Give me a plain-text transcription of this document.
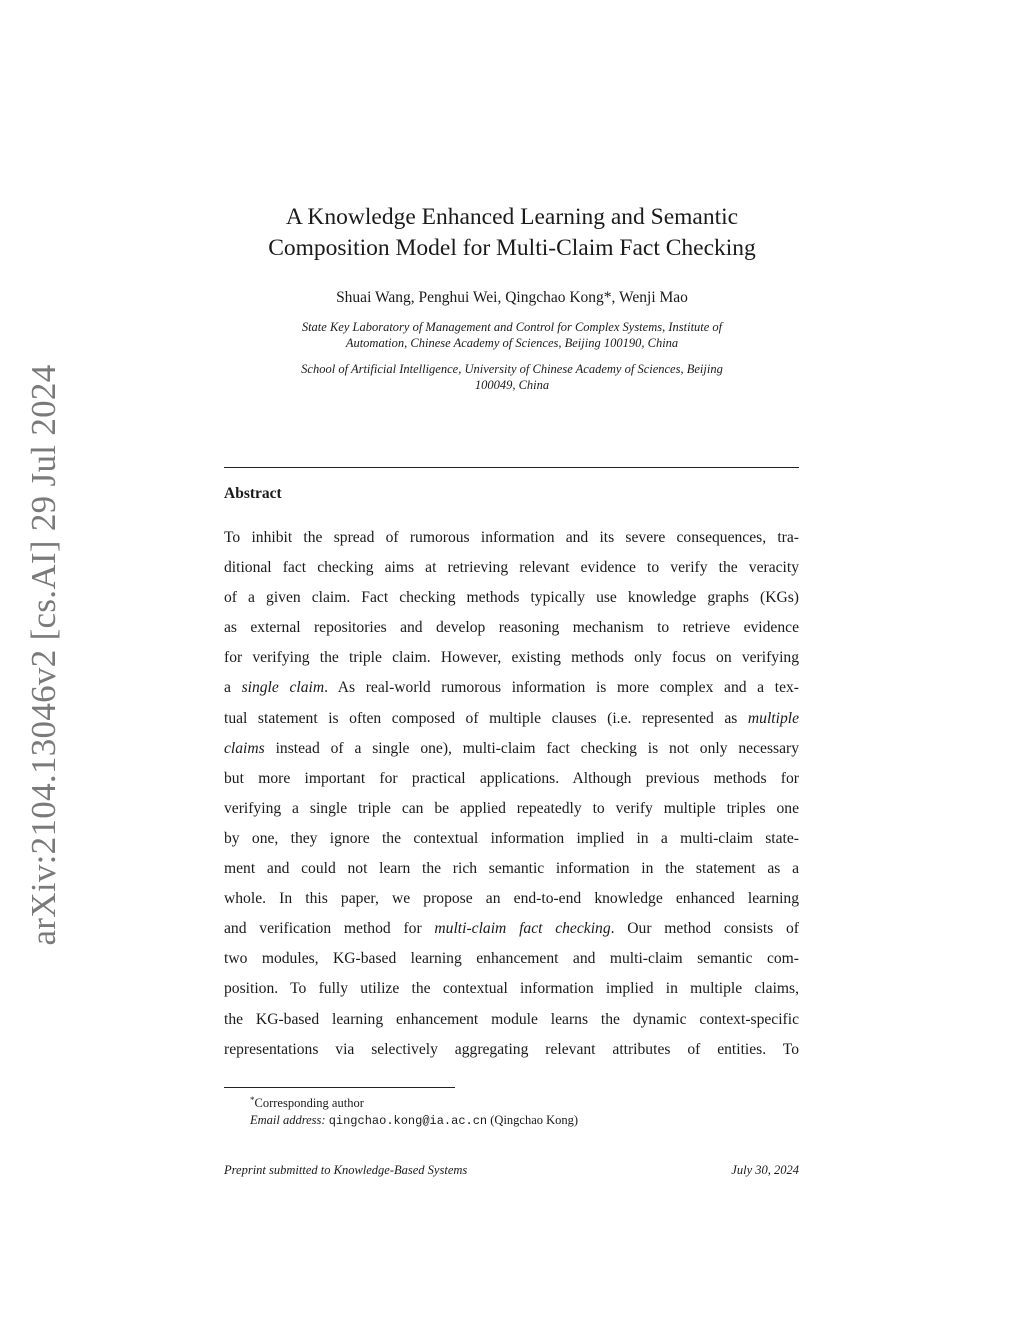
arXiv:2104.13046v2 [cs.AI] 29 Jul 2024
A Knowledge Enhanced Learning and Semantic
Composition Model for Multi-Claim Fact Checking
Shuai Wang, Penghui Wei, Qingchao Kong*, Wenji Mao
State Key Laboratory of Management and Control for Complex Systems, Institute of
Automation, Chinese Academy of Sciences, Beijing 100190, China
School of Artificial Intelligence, University of Chinese Academy of Sciences, Beijing
100049, China
Abstract
To inhibit the spread of rumorous information and its severe consequences, tra-
ditional fact checking aims at retrieving relevant evidence to verify the veracity
of a given claim. Fact checking methods typically use knowledge graphs (KGs)
as external repositories and develop reasoning mechanism to retrieve evidence
for verifying the triple claim. However, existing methods only focus on verifying
a single claim. As real-world rumorous information is more complex and a tex-
tual statement is often composed of multiple clauses (i.e. represented as multiple
claims instead of a single one), multi-claim fact checking is not only necessary
but more important for practical applications. Although previous methods for
verifying a single triple can be applied repeatedly to verify multiple triples one
by one, they ignore the contextual information implied in a multi-claim state-
ment and could not learn the rich semantic information in the statement as a
whole. In this paper, we propose an end-to-end knowledge enhanced learning
and verification method for multi-claim fact checking. Our method consists of
two modules, KG-based learning enhancement and multi-claim semantic com-
position. To fully utilize the contextual information implied in multiple claims,
the KG-based learning enhancement module learns the dynamic context-specific
representations via selectively aggregating relevant attributes of entities. To
*Corresponding author
Email address: qingchao.kong@ia.ac.cn (Qingchao Kong)
Preprint submitted to Knowledge-Based Systems	July 30, 2024
